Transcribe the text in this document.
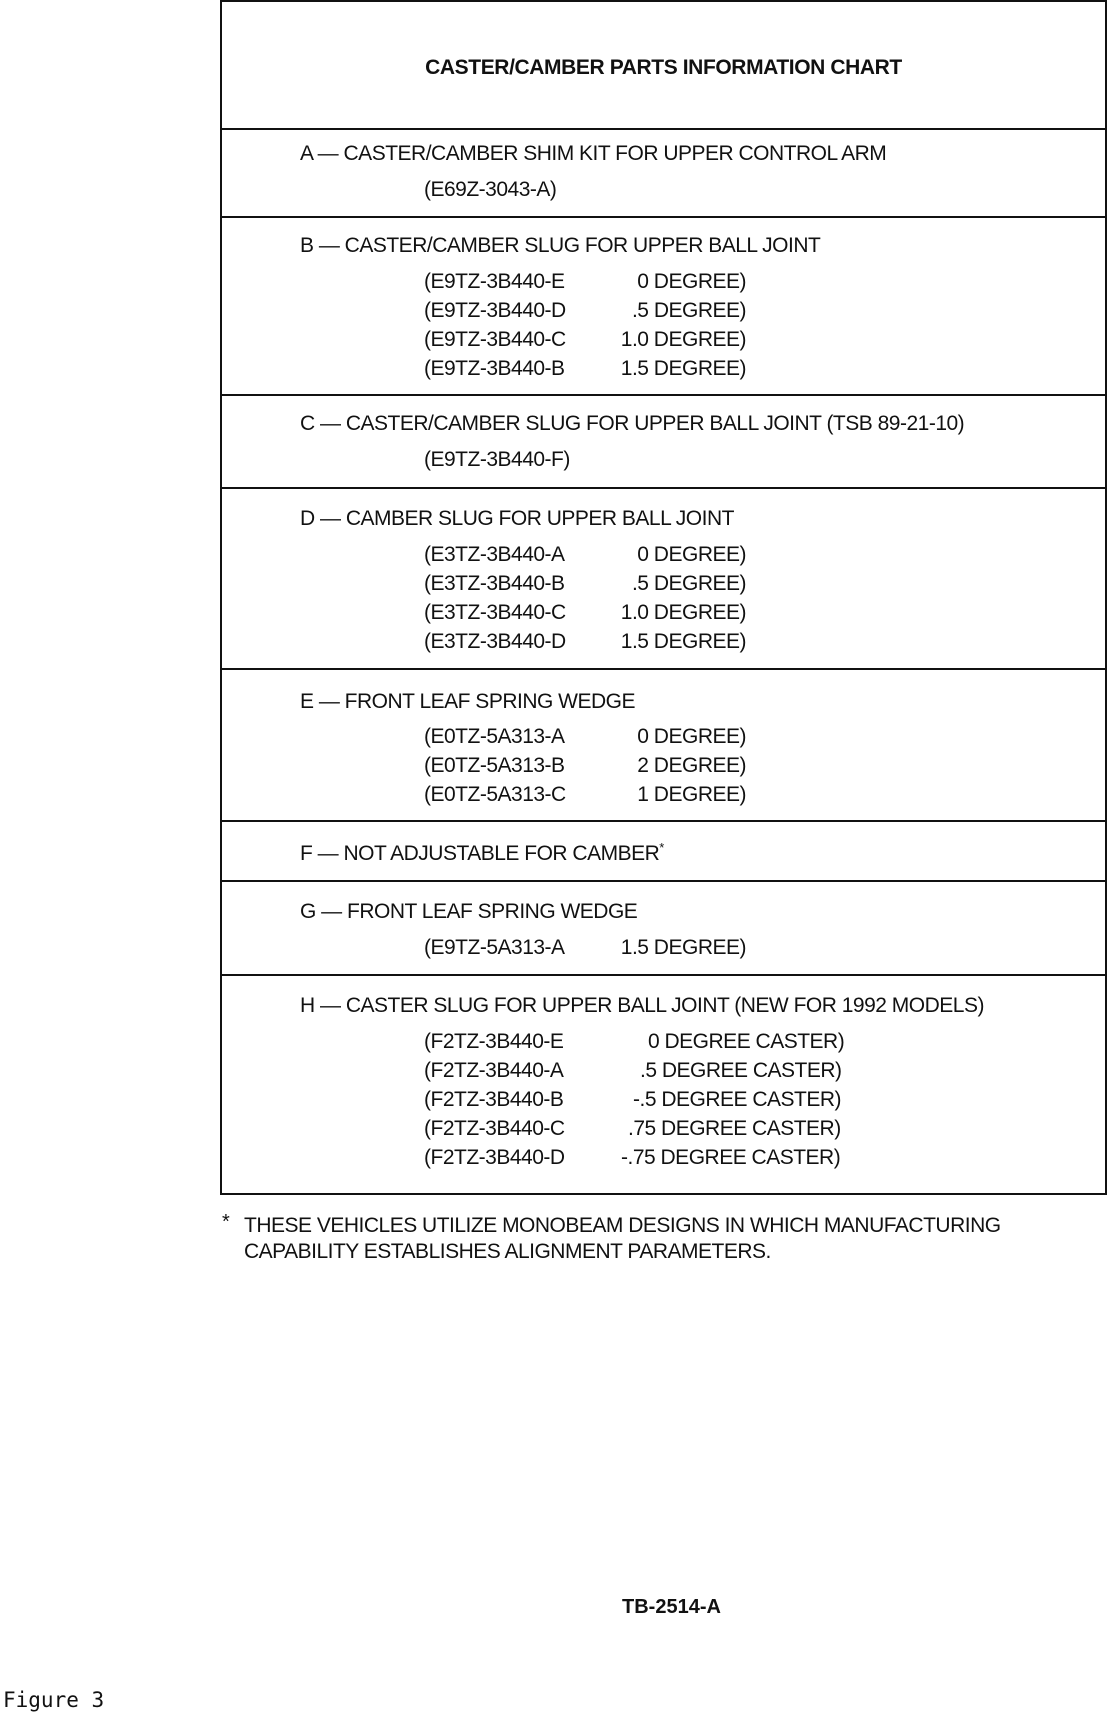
CASTER/CAMBER PARTS INFORMATION CHART
A — CASTER/CAMBER SHIM KIT FOR UPPER CONTROL ARM
(E69Z-3043-A)
B — CASTER/CAMBER SLUG FOR UPPER BALL JOINT
(E9TZ-3B440-E	0 DEGREE)
(E9TZ-3B440-D	.5 DEGREE)
(E9TZ-3B440-C	1.0 DEGREE)
(E9TZ-3B440-B	1.5 DEGREE)
C — CASTER/CAMBER SLUG FOR UPPER BALL JOINT (TSB 89-21-10)
(E9TZ-3B440-F)
D — CAMBER SLUG FOR UPPER BALL JOINT
(E3TZ-3B440-A	0 DEGREE)
(E3TZ-3B440-B	.5 DEGREE)
(E3TZ-3B440-C	1.0 DEGREE)
(E3TZ-3B440-D	1.5 DEGREE)
E — FRONT LEAF SPRING WEDGE
(E0TZ-5A313-A	0 DEGREE)
(E0TZ-5A313-B	2 DEGREE)
(E0TZ-5A313-C	1 DEGREE)
F — NOT ADJUSTABLE FOR CAMBER*
G — FRONT LEAF SPRING WEDGE
(E9TZ-5A313-A	1.5 DEGREE)
H — CASTER SLUG FOR UPPER BALL JOINT (NEW FOR 1992 MODELS)
(F2TZ-3B440-E	0 DEGREE CASTER)
(F2TZ-3B440-A	.5 DEGREE CASTER)
(F2TZ-3B440-B	-.5 DEGREE CASTER)
(F2TZ-3B440-C	.75 DEGREE CASTER)
(F2TZ-3B440-D	-.75 DEGREE CASTER)
* THESE VEHICLES UTILIZE MONOBEAM DESIGNS IN WHICH MANUFACTURING
CAPABILITY ESTABLISHES ALIGNMENT PARAMETERS.
TB-2514-A
Figure 3
